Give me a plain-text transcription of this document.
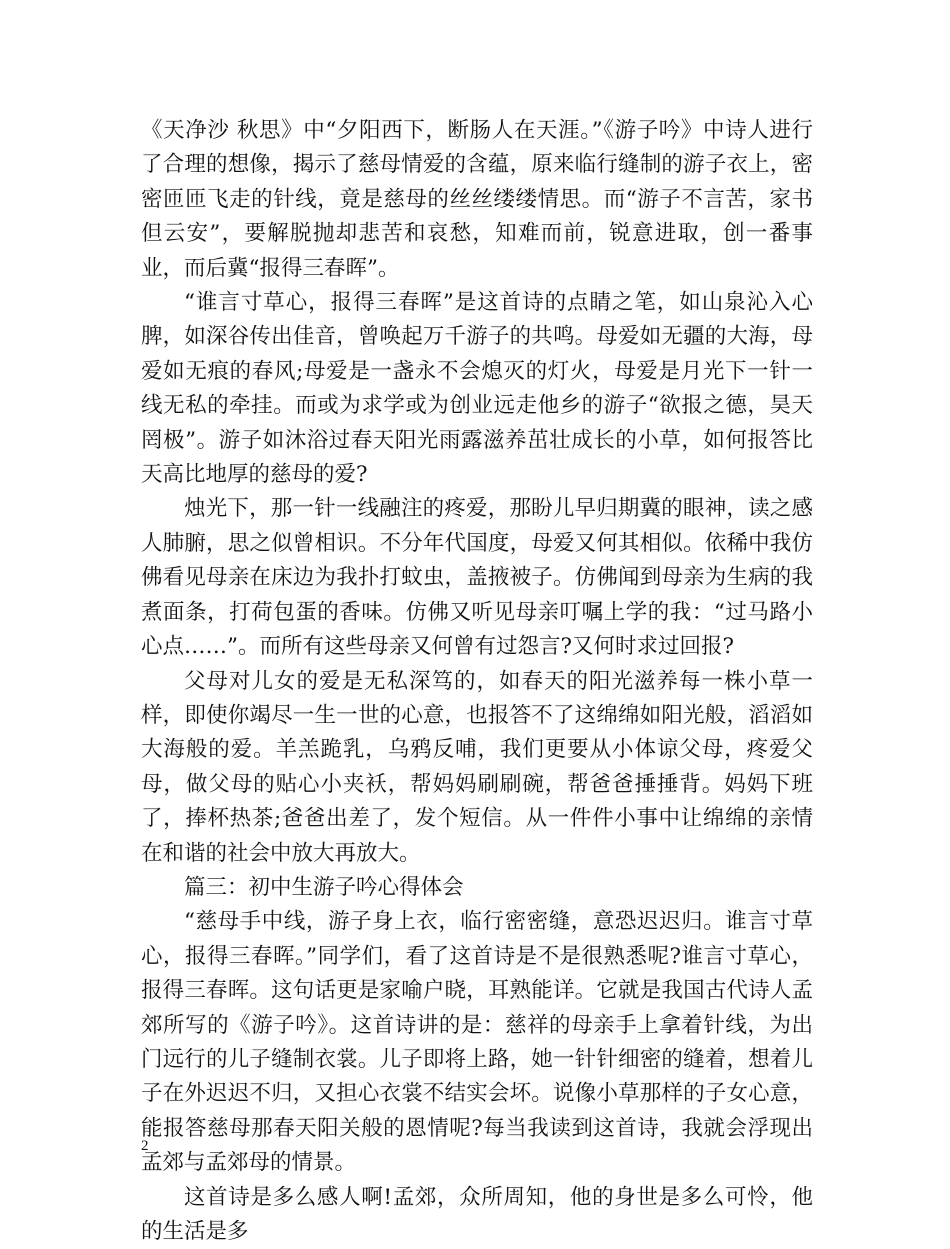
《天净沙 秋思》中“夕阳西下，断肠人在天涯。”《游子吟》中诗人进行了合理的想像，揭示了慈母情爱的含蕴，原来临行缝制的游子衣上，密密匝匝飞走的针线，竟是慈母的丝丝缕缕情思。而“游子不言苦，家书但云安”，要解脱抛却悲苦和哀愁，知难而前，锐意进取，创一番事业，而后冀“报得三春晖”。

“谁言寸草心，报得三春晖”是这首诗的点睛之笔，如山泉沁入心脾，如深谷传出佳音，曾唤起万千游子的共鸣。母爱如无疆的大海，母爱如无痕的春风;母爱是一盏永不会熄灭的灯火，母爱是月光下一针一线无私的牵挂。而或为求学或为创业远走他乡的游子“欲报之德，昊天罔极”。游子如沐浴过春天阳光雨露滋养茁壮成长的小草，如何报答比天高比地厚的慈母的爱?

烛光下，那一针一线融注的疼爱，那盼儿早归期冀的眼神，读之感人肺腑，思之似曾相识。不分年代国度，母爱又何其相似。依稀中我仿佛看见母亲在床边为我扑打蚊虫，盖掖被子。仿佛闻到母亲为生病的我煮面条，打荷包蛋的香味。仿佛又听见母亲叮嘱上学的我：“过马路小心点……”。而所有这些母亲又何曾有过怨言?又何时求过回报?

父母对儿女的爱是无私深笃的，如春天的阳光滋养每一株小草一样，即使你竭尽一生一世的心意，也报答不了这绵绵如阳光般，滔滔如大海般的爱。羊羔跪乳，乌鸦反哺，我们更要从小体谅父母，疼爱父母，做父母的贴心小夹袄，帮妈妈刷刷碗，帮爸爸捶捶背。妈妈下班了，捧杯热茶;爸爸出差了，发个短信。从一件件小事中让绵绵的亲情在和谐的社会中放大再放大。

篇三：初中生游子吟心得体会

“慈母手中线，游子身上衣，临行密密缝，意恐迟迟归。谁言寸草心，报得三春晖。”同学们，看了这首诗是不是很熟悉呢?谁言寸草心，报得三春晖。这句话更是家喻户晓，耳熟能详。它就是我国古代诗人孟郊所写的《游子吟》。这首诗讲的是：慈祥的母亲手上拿着针线，为出门远行的儿子缝制衣裳。儿子即将上路，她一针针细密的缝着，想着儿子在外迟迟不归，又担心衣裳不结实会坏。说像小草那样的子女心意，能报答慈母那春天阳关般的恩情呢?每当我读到这首诗，我就会浮现出孟郊与孟郊母的情景。

这首诗是多么感人啊!孟郊，众所周知，他的身世是多么可怜，他的生活是多

2
